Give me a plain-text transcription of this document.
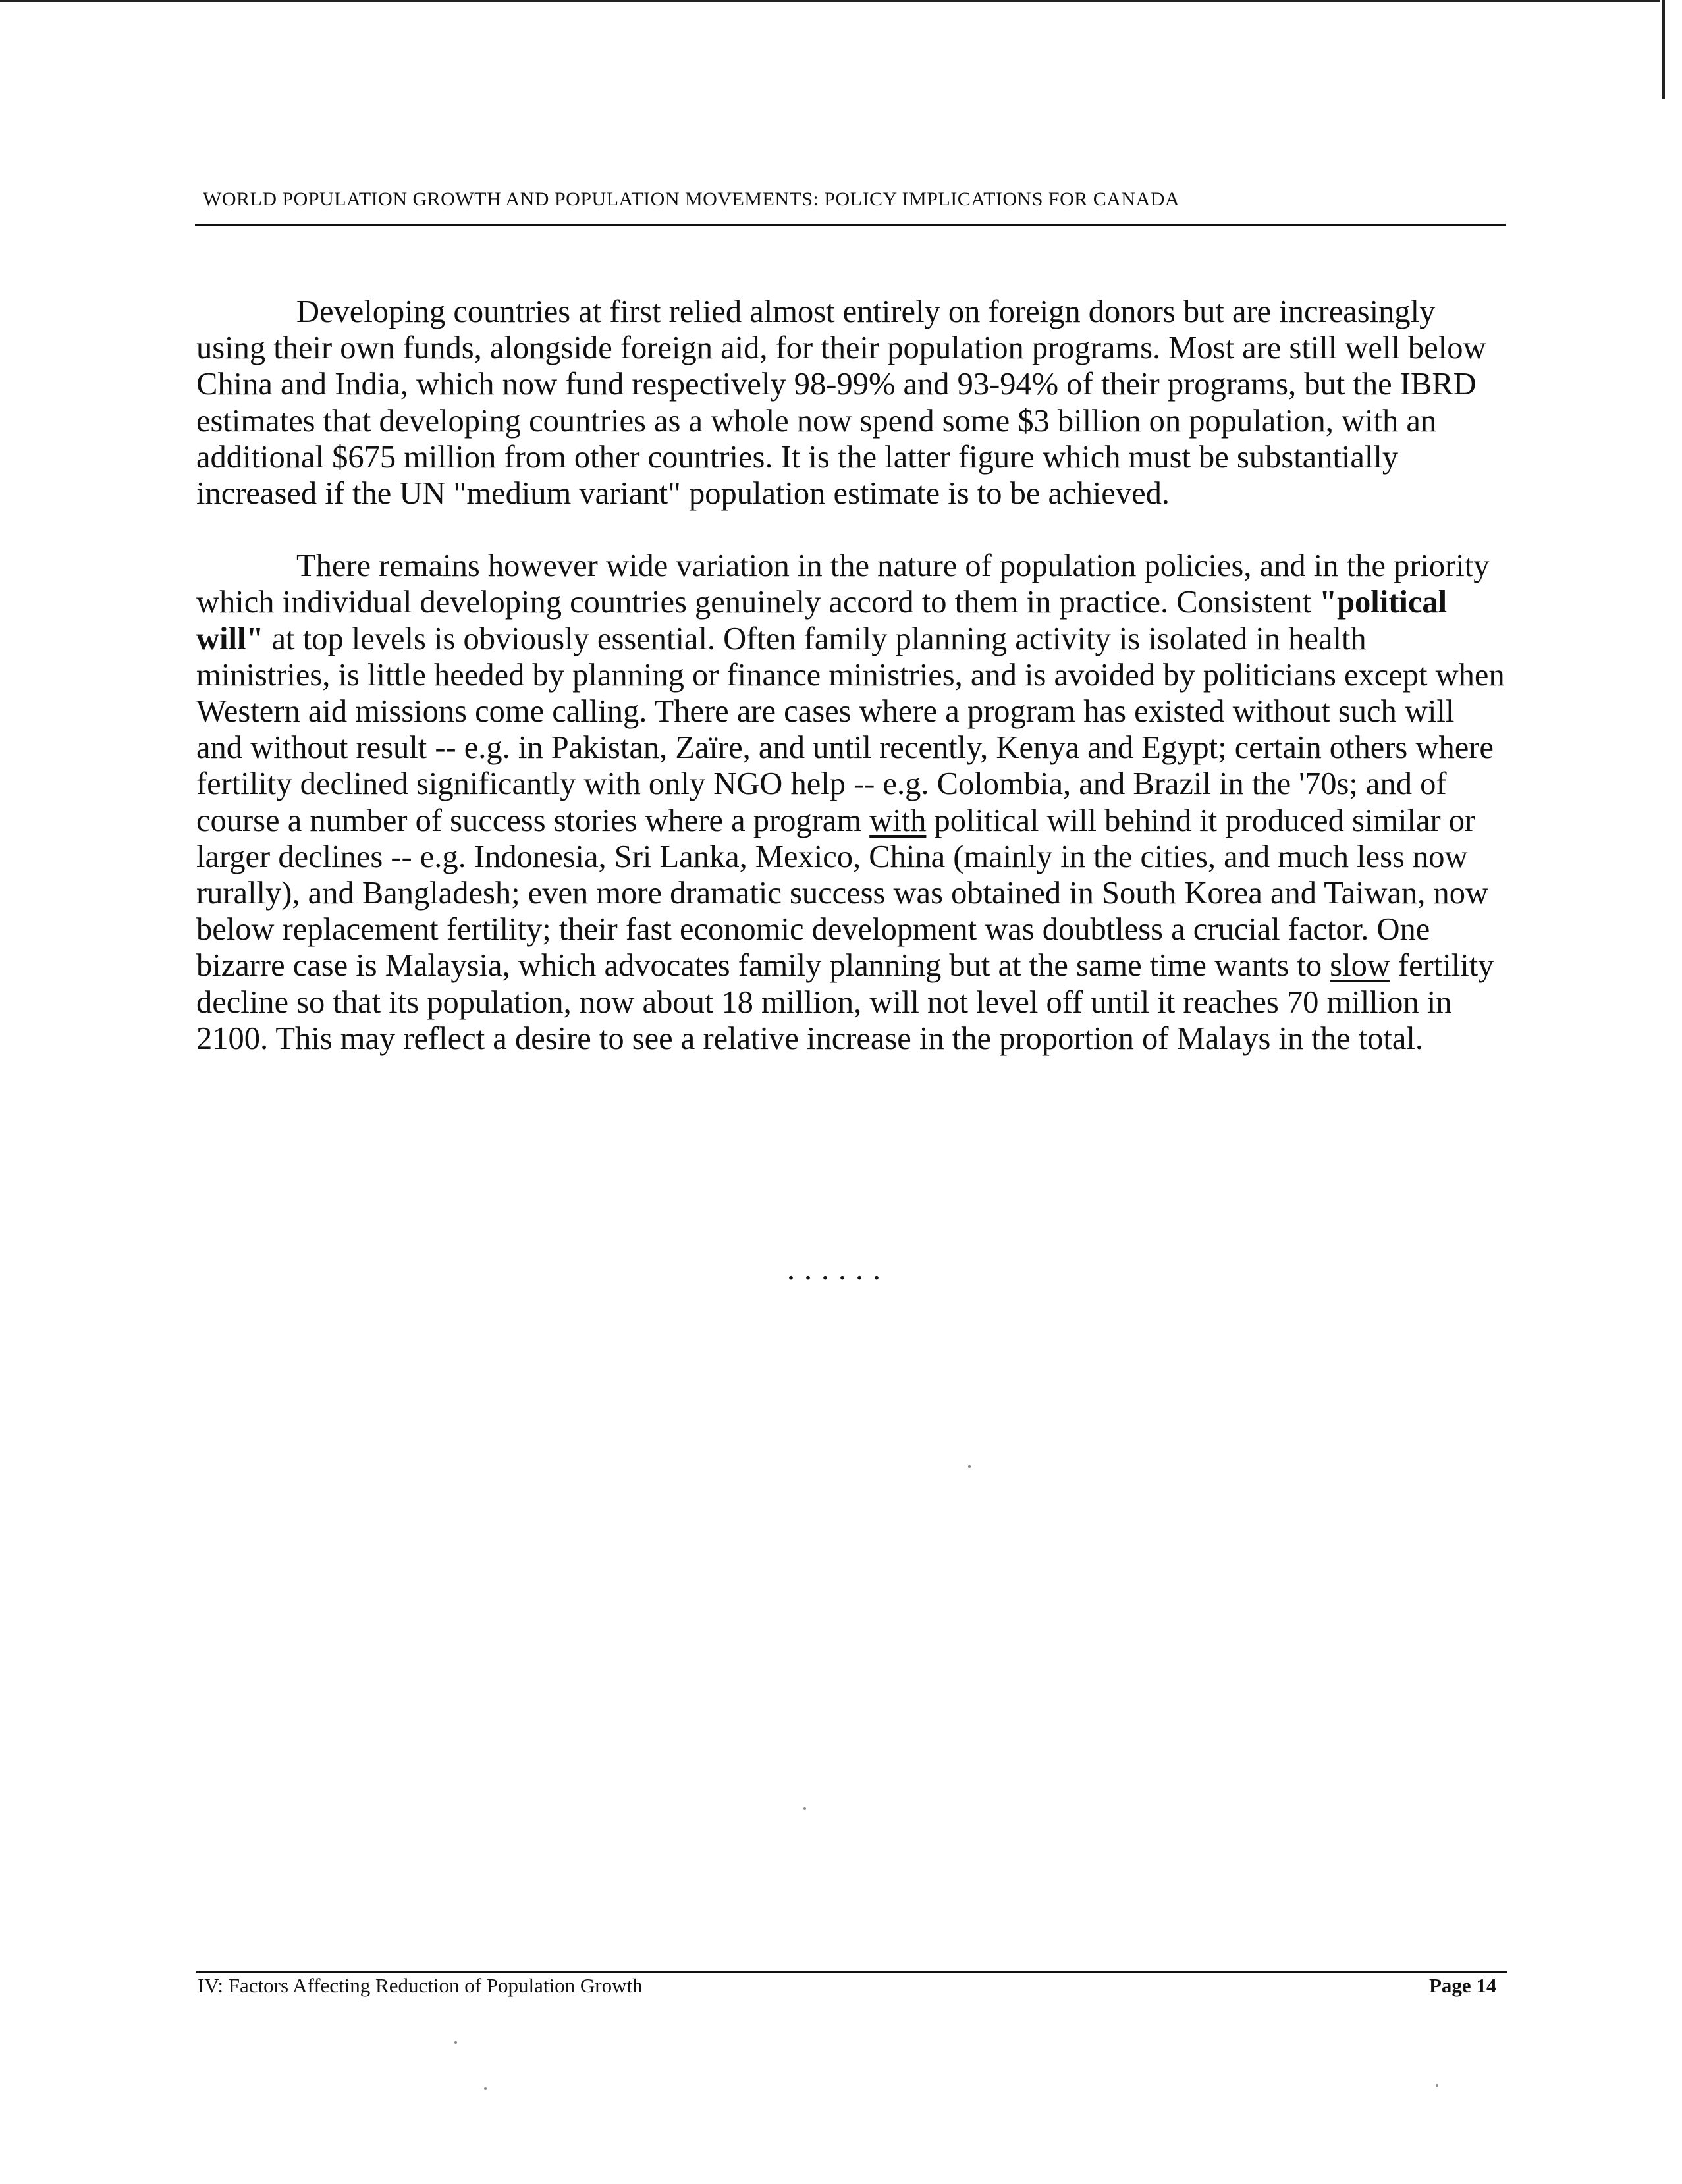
WORLD POPULATION GROWTH AND POPULATION MOVEMENTS: POLICY IMPLICATIONS FOR CANADA

Developing countries at first relied almost entirely on foreign donors but are increasingly using their own funds, alongside foreign aid, for their population programs. Most are still well below China and India, which now fund respectively 98-99% and 93-94% of their programs, but the IBRD estimates that developing countries as a whole now spend some $3 billion on population, with an additional $675 million from other countries. It is the latter figure which must be substantially increased if the UN "medium variant" population estimate is to be achieved.

There remains however wide variation in the nature of population policies, and in the priority which individual developing countries genuinely accord to them in practice. Consistent "political will" at top levels is obviously essential. Often family planning activity is isolated in health ministries, is little heeded by planning or finance ministries, and is avoided by politicians except when Western aid missions come calling. There are cases where a program has existed without such will and without result -- e.g. in Pakistan, Zaïre, and until recently, Kenya and Egypt; certain others where fertility declined significantly with only NGO help -- e.g. Colombia, and Brazil in the '70s; and of course a number of success stories where a program with political will behind it produced similar or larger declines -- e.g. Indonesia, Sri Lanka, Mexico, China (mainly in the cities, and much less now rurally), and Bangladesh; even more dramatic success was obtained in South Korea and Taiwan, now below replacement fertility; their fast economic development was doubtless a crucial factor. One bizarre case is Malaysia, which advocates family planning but at the same time wants to slow fertility decline so that its population, now about 18 million, will not level off until it reaches 70 million in 2100. This may reflect a desire to see a relative increase in the proportion of Malays in the total.

......
IV: Factors Affecting Reduction of Population Growth	Page 14
